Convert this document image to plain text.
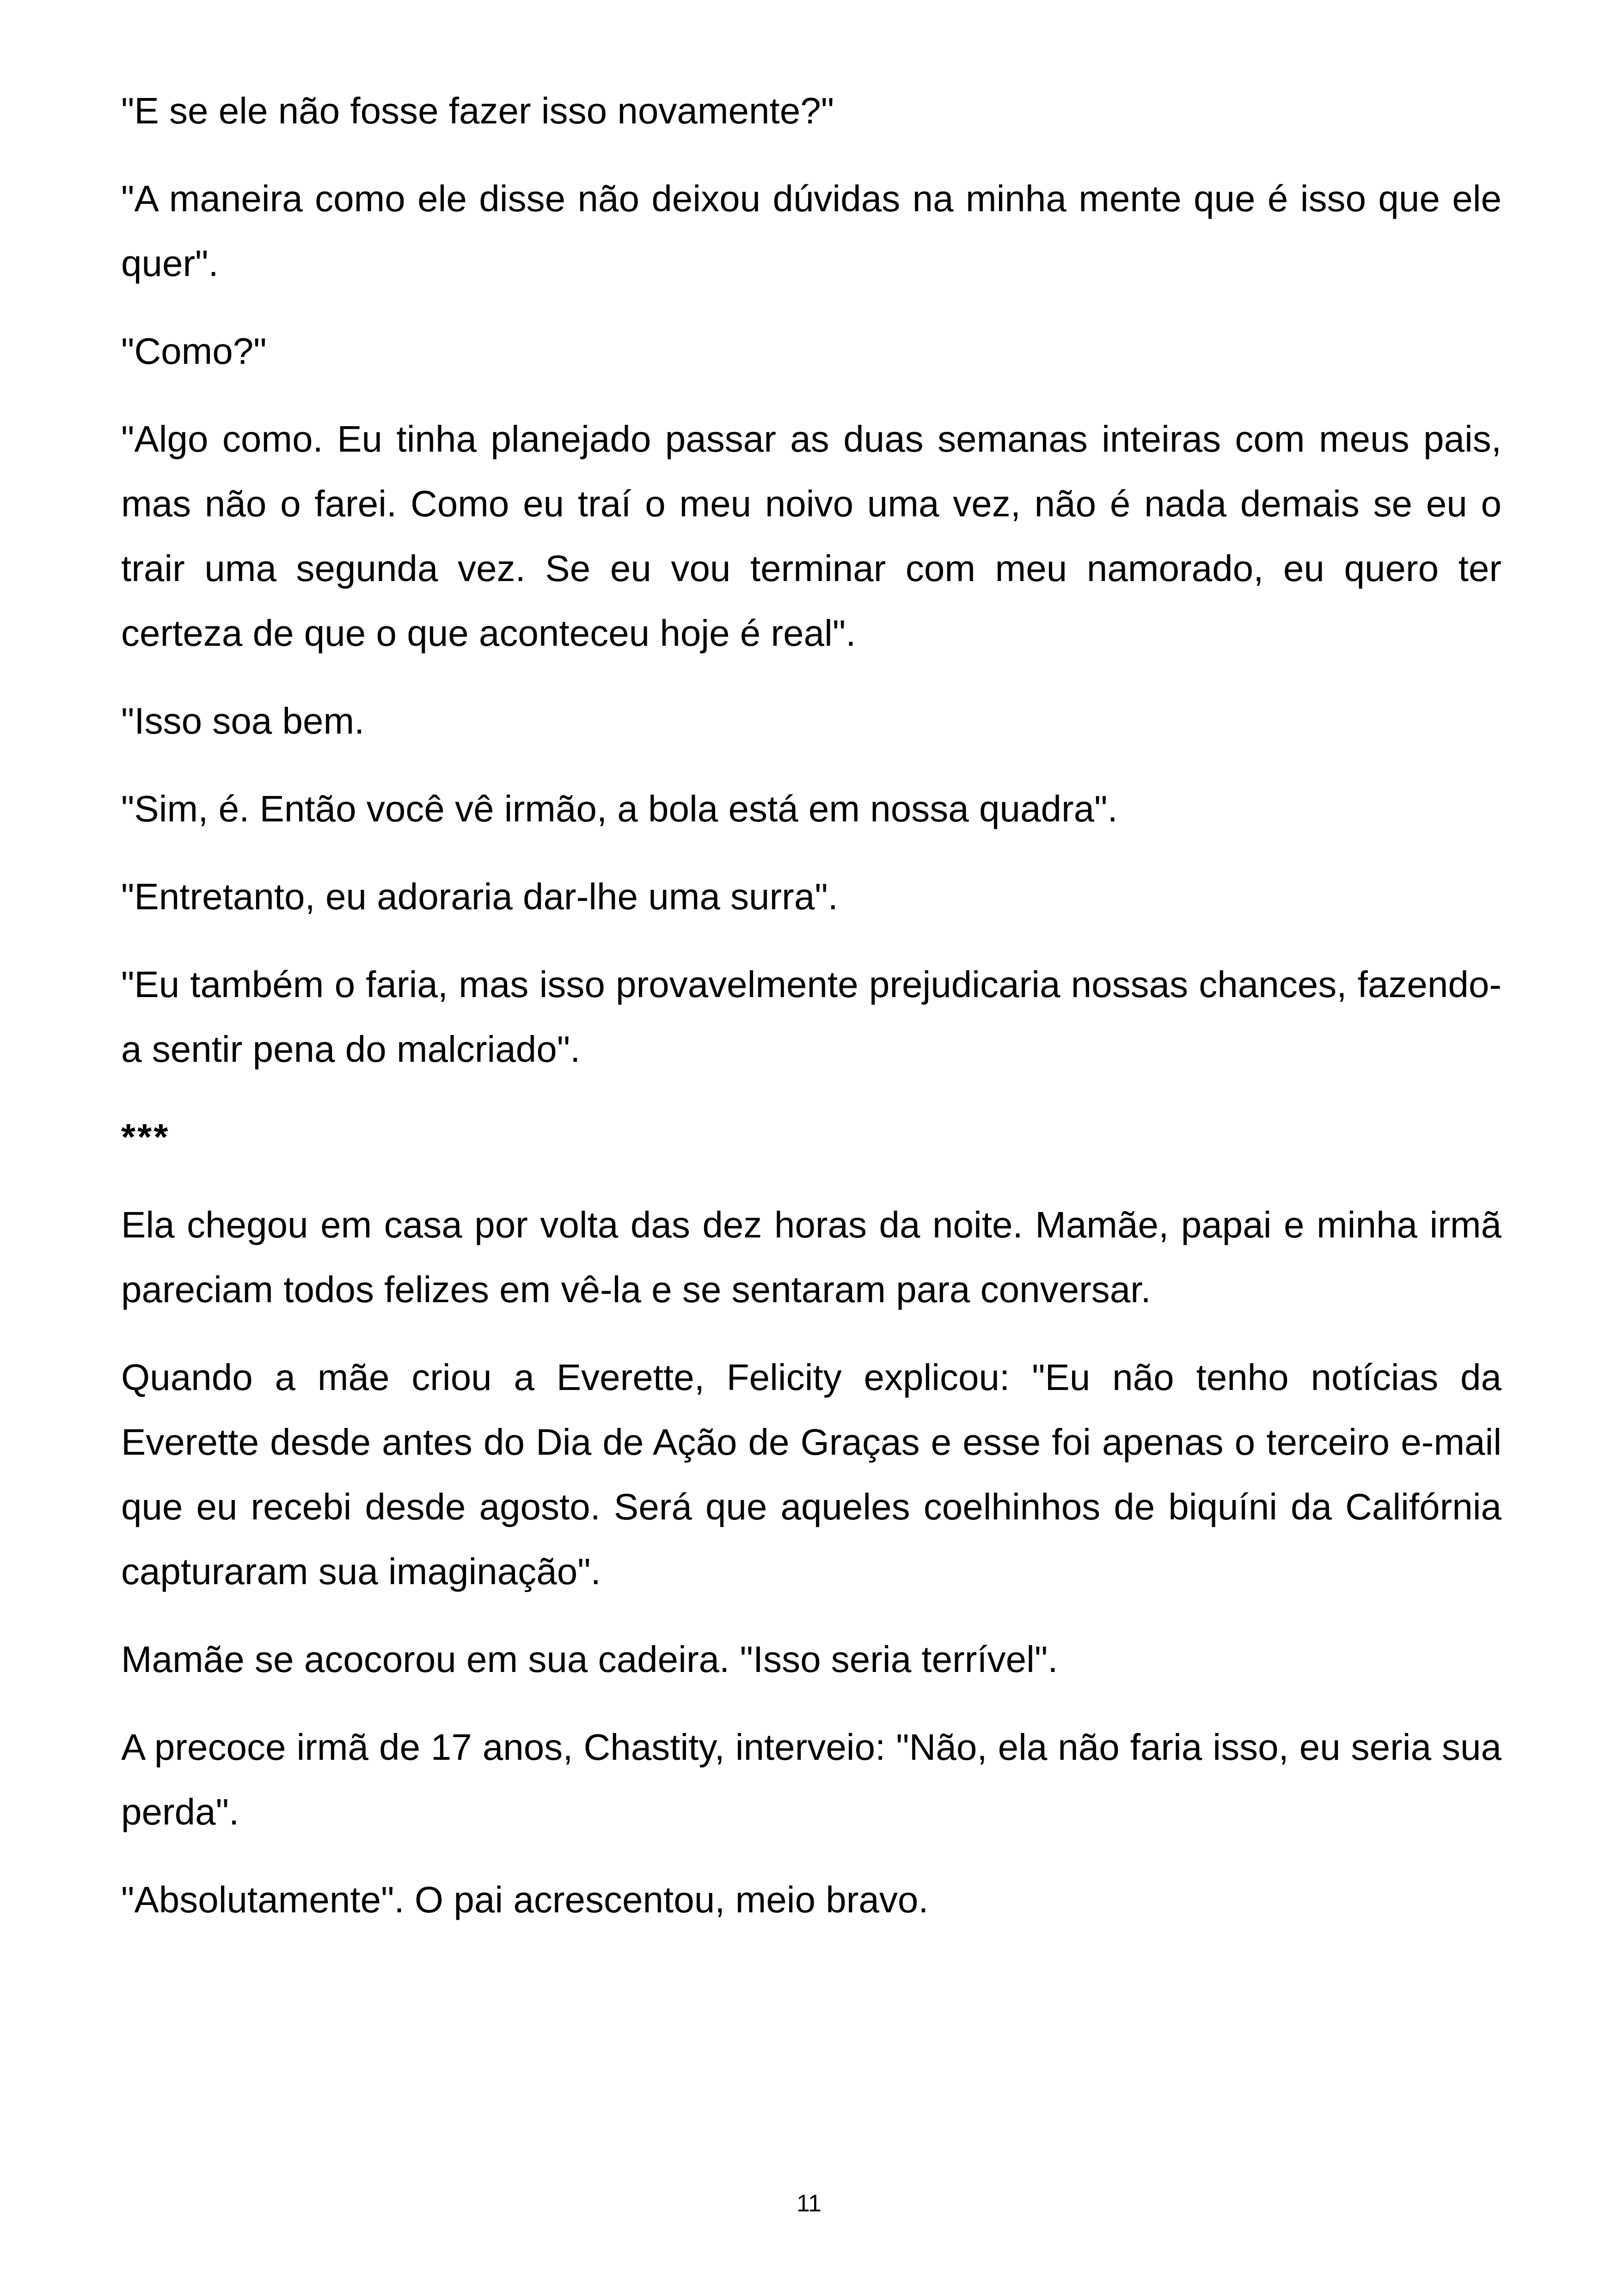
"E se ele não fosse fazer isso novamente?"

"A maneira como ele disse não deixou dúvidas na minha mente que é isso que ele quer".

"Como?"

"Algo como. Eu tinha planejado passar as duas semanas inteiras com meus pais, mas não o farei. Como eu traí o meu noivo uma vez, não é nada demais se eu o trair uma segunda vez. Se eu vou terminar com meu namorado, eu quero ter certeza de que o que aconteceu hoje é real".

"Isso soa bem.

"Sim, é. Então você vê irmão, a bola está em nossa quadra".

"Entretanto, eu adoraria dar-lhe uma surra".

"Eu também o faria, mas isso provavelmente prejudicaria nossas chances, fazendo-a sentir pena do malcriado".

***

Ela chegou em casa por volta das dez horas da noite. Mamãe, papai e minha irmã pareciam todos felizes em vê-la e se sentaram para conversar.

Quando a mãe criou a Everette, Felicity explicou: "Eu não tenho notícias da Everette desde antes do Dia de Ação de Graças e esse foi apenas o terceiro e-mail que eu recebi desde agosto. Será que aqueles coelhinhos de biquíni da Califórnia capturaram sua imaginação".

Mamãe se acocorou em sua cadeira. "Isso seria terrível".

A precoce irmã de 17 anos, Chastity, interveio: "Não, ela não faria isso, eu seria sua perda".

"Absolutamente". O pai acrescentou, meio bravo.

11
